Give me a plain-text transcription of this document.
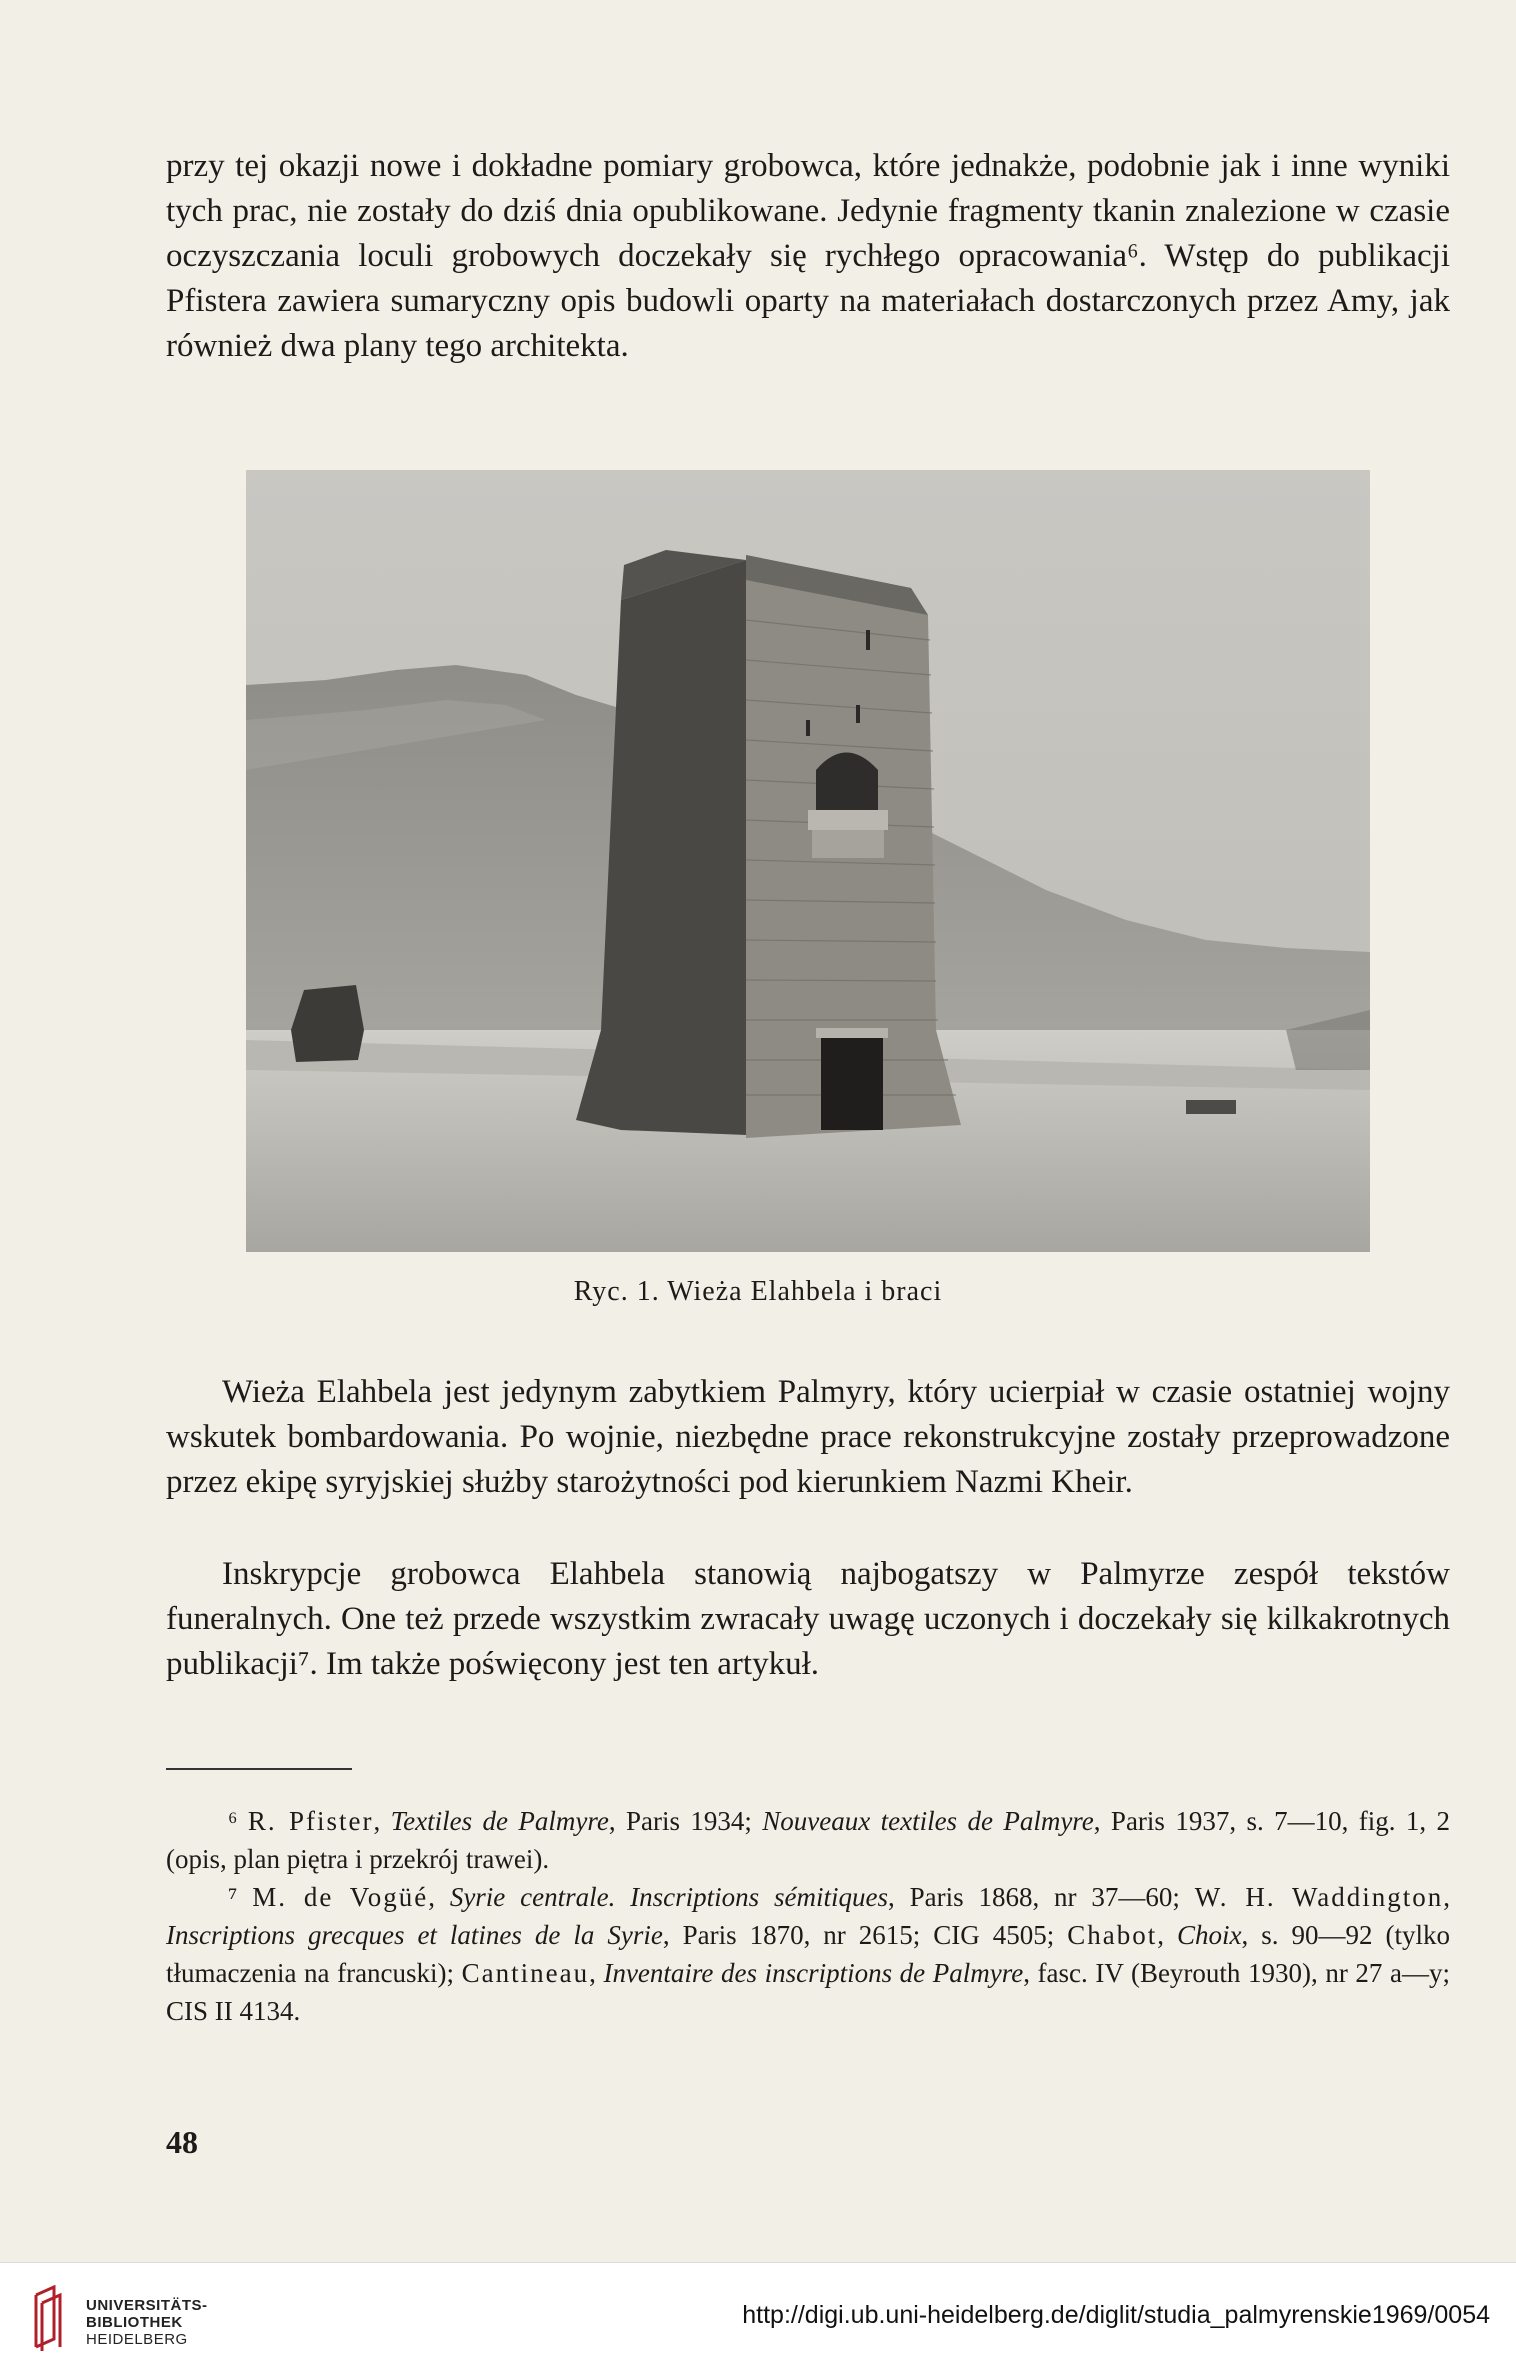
przy tej okazji nowe i dokładne pomiary grobowca, które jednakże, podobnie jak i inne wyniki tych prac, nie zostały do dziś dnia opublikowane. Jedynie fragmenty tkanin znalezione w czasie oczyszczania loculi grobowych doczekały się rychłego opracowania⁶. Wstęp do publikacji Pfistera zawiera sumaryczny opis budowli oparty na materiałach dostarczonych przez Amy, jak również dwa plany tego architekta.

Ryc. 1. Wieża Elahbela i braci

Wieża Elahbela jest jedynym zabytkiem Palmyry, który ucierpiał w czasie ostatniej wojny wskutek bombardowania. Po wojnie, niezbędne prace rekonstrukcyjne zostały przeprowadzone przez ekipę syryjskiej służby starożytności pod kierunkiem Nazmi Kheir.

Inskrypcje grobowca Elahbela stanowią najbogatszy w Palmyrze zespół tekstów funeralnych. One też przede wszystkim zwracały uwagę uczonych i doczekały się kilkakrotnych publikacji⁷. Im także poświęcony jest ten artykuł.

⁶ R. Pfister, Textiles de Palmyre, Paris 1934; Nouveaux textiles de Palmyre, Paris 1937, s. 7—10, fig. 1, 2 (opis, plan piętra i przekrój trawei).

⁷ M. de Vogüé, Syrie centrale. Inscriptions sémitiques, Paris 1868, nr 37—60; W. H. Waddington, Inscriptions grecques et latines de la Syrie, Paris 1870, nr 2615; CIG 4505; Chabot, Choix, s. 90—92 (tylko tłumaczenia na francuski); Cantineau, Inventaire des inscriptions de Palmyre, fasc. IV (Beyrouth 1930), nr 27 a—y; CIS II 4134.

48
UNIVERSITÄTS-
BIBLIOTHEK
HEIDELBERG
http://digi.ub.uni-heidelberg.de/diglit/studia_palmyrenskie1969/0054
